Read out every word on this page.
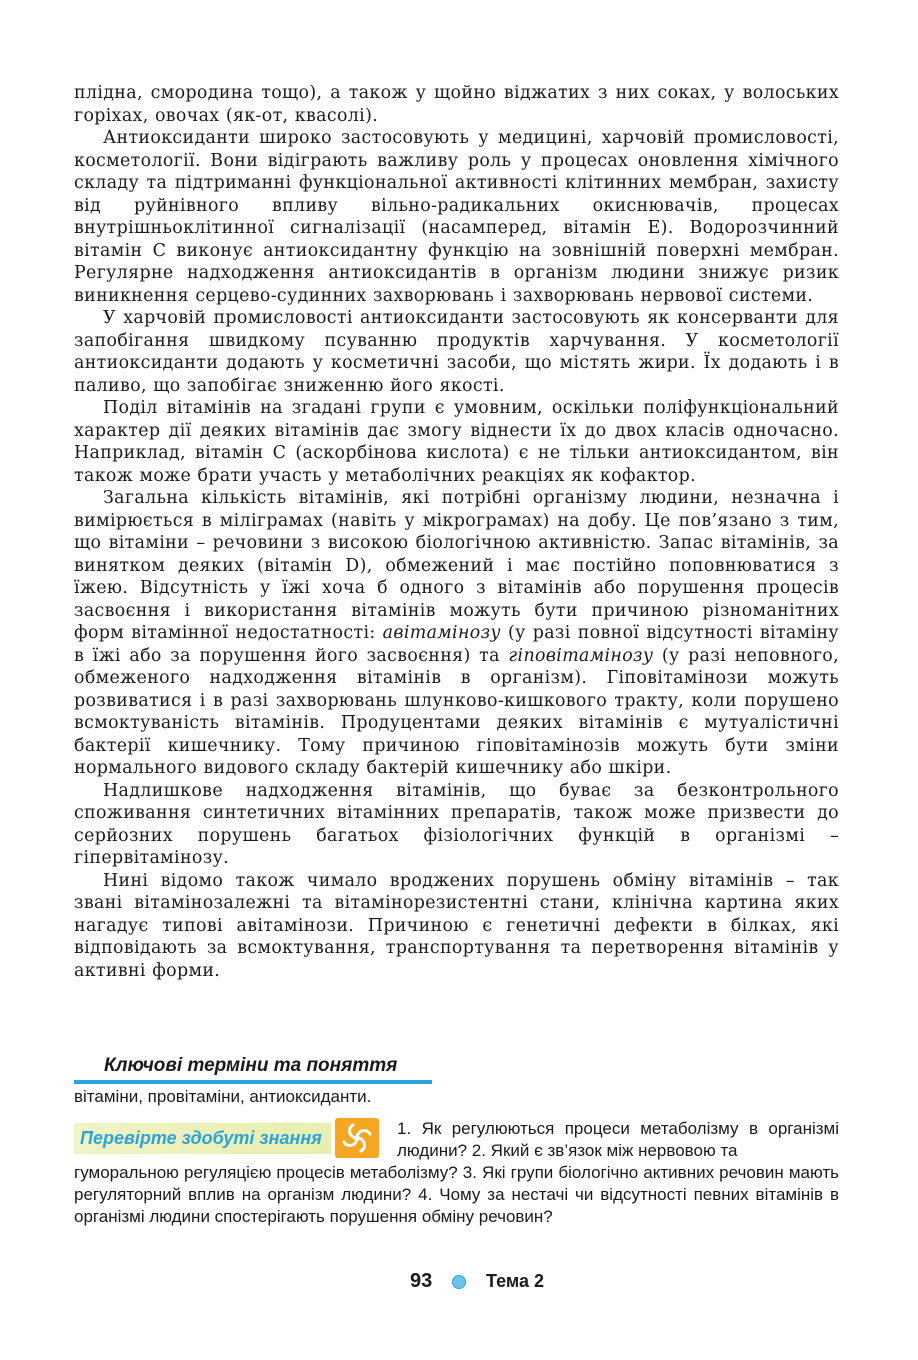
плідна, смородина тощо), а також у щойно віджатих з них соках, у волоських горіхах, овочах (як-от, квасолі).

Антиоксиданти широко застосовують у медицині, харчовій промисловості, косметології. Вони відіграють важливу роль у процесах оновлення хімічного складу та підтриманні функціональної активності клітинних мембран, захисту від руйнівного впливу вільно-радикальних окиснювачів, процесах внутрішньоклітинної сигналізації (насамперед, вітамін E). Водорозчинний вітамін С виконує антиоксидантну функцію на зовнішній поверхні мембран. Регулярне надходження антиоксидантів в організм людини знижує ризик виникнення серцево-судинних захворювань і захворювань нервової системи.

У харчовій промисловості антиоксиданти застосовують як консерванти для запобігання швидкому псуванню продуктів харчування. У косметології антиоксиданти додають у косметичні засоби, що містять жири. Їх додають і в паливо, що запобігає зниженню його якості.

Поділ вітамінів на згадані групи є умовним, оскільки поліфункціональний характер дії деяких вітамінів дає змогу віднести їх до двох класів одночасно. Наприклад, вітамін С (аскорбінова кислота) є не тільки антиоксидантом, він також може брати участь у метаболічних реакціях як кофактор.

Загальна кількість вітамінів, які потрібні організму людини, незначна і вимірюється в міліграмах (навіть у мікрограмах) на добу. Це пов’язано з тим, що вітаміни – речовини з високою біологічною активністю. Запас вітамінів, за винятком деяких (вітамін D), обмежений і має постійно поповнюватися з їжею. Відсутність у їжі хоча б одного з вітамінів або порушення процесів засвоєння і використання вітамінів можуть бути причиною різноманітних форм вітамінної недостатності: авітамінозу (у разі повної відсутності вітаміну в їжі або за порушення його засвоєння) та гіповітамінозу (у разі неповного, обмеженого надходження вітамінів в організм). Гіповітамінози можуть розвиватися і в разі захворювань шлунково-кишкового тракту, коли порушено всмоктуваність вітамінів. Продуцентами деяких вітамінів є мутуалістичні бактерії кишечнику. Тому причиною гіповітамінозів можуть бути зміни нормального видового складу бактерій кишечнику або шкіри.

Надлишкове надходження вітамінів, що буває за безконтрольного споживання синтетичних вітамінних препаратів, також може призвести до серйозних порушень багатьох фізіологічних функцій в організмі – гіпервітамінозу.

Нині відомо також чимало вроджених порушень обміну вітамінів – так звані вітамінозалежні та вітамінорезистентні стани, клінічна картина яких нагадує типові авітамінози. Причиною є генетичні дефекти в білках, які відповідають за всмоктування, транспортування та перетворення вітамінів у активні форми.

Ключові терміни та поняття
вітаміни, провітаміни, антиоксиданти.
Перевірте здобуті знання	1. Як регулюються процеси метаболізму в організмі людини? 2. Який є зв’язок між нервовою та
гуморальною регуляцією процесів метаболізму? 3. Які групи біологічно активних речовин мають регуляторний вплив на організм людини? 4. Чому за нестачі чи відсутності певних вітамінів в організмі людини спостерігають порушення обміну речовин?
93	Тема 2
